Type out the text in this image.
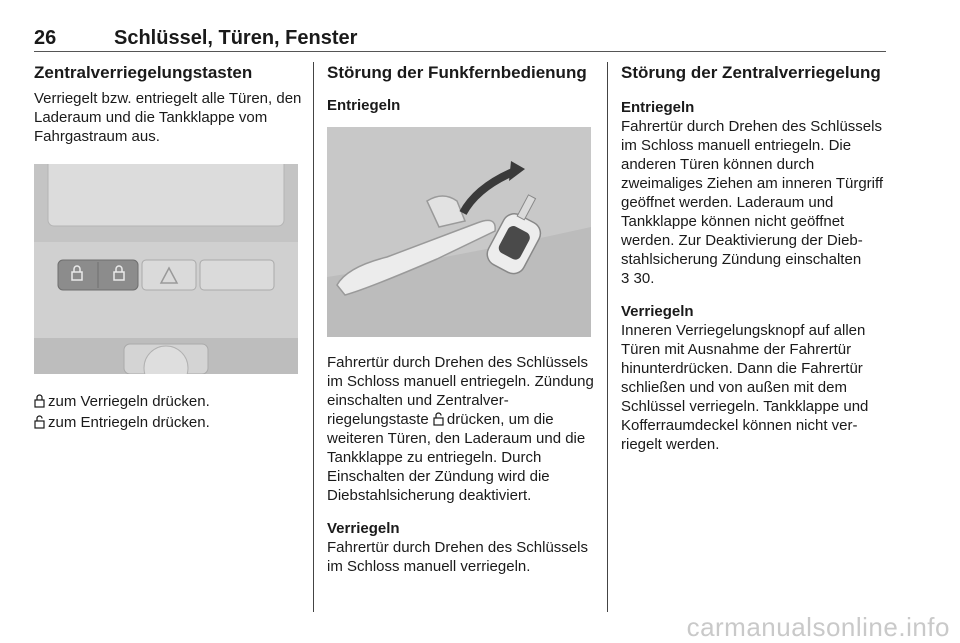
26	Schlüssel, Türen, Fenster
Zentralverriegelungstasten

Verriegelt bzw. entriegelt alle Türen, den Laderaum und die Tankklappe vom Fahrgastraum aus.

zum Verriegeln drücken.

zum Entriegeln drücken.

Störung der Funkfernbedienung
Entriegeln

Fahrertür durch Drehen des Schlüssels im Schloss manuell entriegeln. Zündung einschalten und Zentralverriegelungstaste drücken, um die weiteren Türen, den Laderaum und die Tankklappe zu entriegeln. Durch Einschalten der Zündung wird die Diebstahlsicherung deaktiviert.

Verriegeln

Fahrertür durch Drehen des Schlüssels im Schloss manuell verriegeln.

Störung der Zentralverriegelung
Entriegeln

Fahrertür durch Drehen des Schlüssels im Schloss manuell entriegeln. Die anderen Türen können durch zweimaliges Ziehen am inneren Türgriff geöffnet werden. Laderaum und Tankklappe können nicht geöffnet werden. Zur Deaktivierung der Diebstahlsicherung Zündung einschalten

3 30.

Verriegeln

Inneren Verriegelungsknopf auf allen Türen mit Ausnahme der Fahrertür hinunterdrücken. Dann die Fahrertür schließen und von außen mit dem Schlüssel verriegeln. Tankklappe und Kofferraumdeckel können nicht verriegelt werden.

carmanualsonline.info
